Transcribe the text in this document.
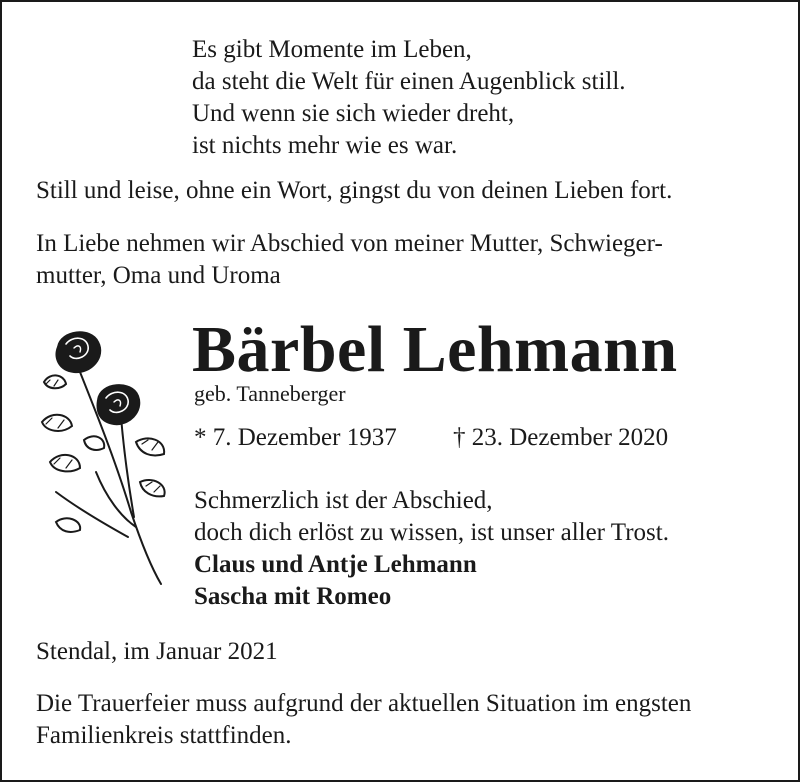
Es gibt Momente im Leben,
da steht die Welt für einen Augenblick still.
Und wenn sie sich wieder dreht,
ist nichts mehr wie es war.
Still und leise, ohne ein Wort, gingst du von deinen Lieben fort.
In Liebe nehmen wir Abschied von meiner Mutter, Schwieger-
mutter, Oma und Uroma
Bärbel Lehmann
geb. Tanneberger
* 7. Dezember 1937 † 23. Dezember 2020
Schmerzlich ist der Abschied,
doch dich erlöst zu wissen, ist unser aller Trost.
Claus und Antje Lehmann
Sascha mit Romeo
Stendal, im Januar 2021
Die Trauerfeier muss aufgrund der aktuellen Situation im engsten
Familienkreis stattfinden.
